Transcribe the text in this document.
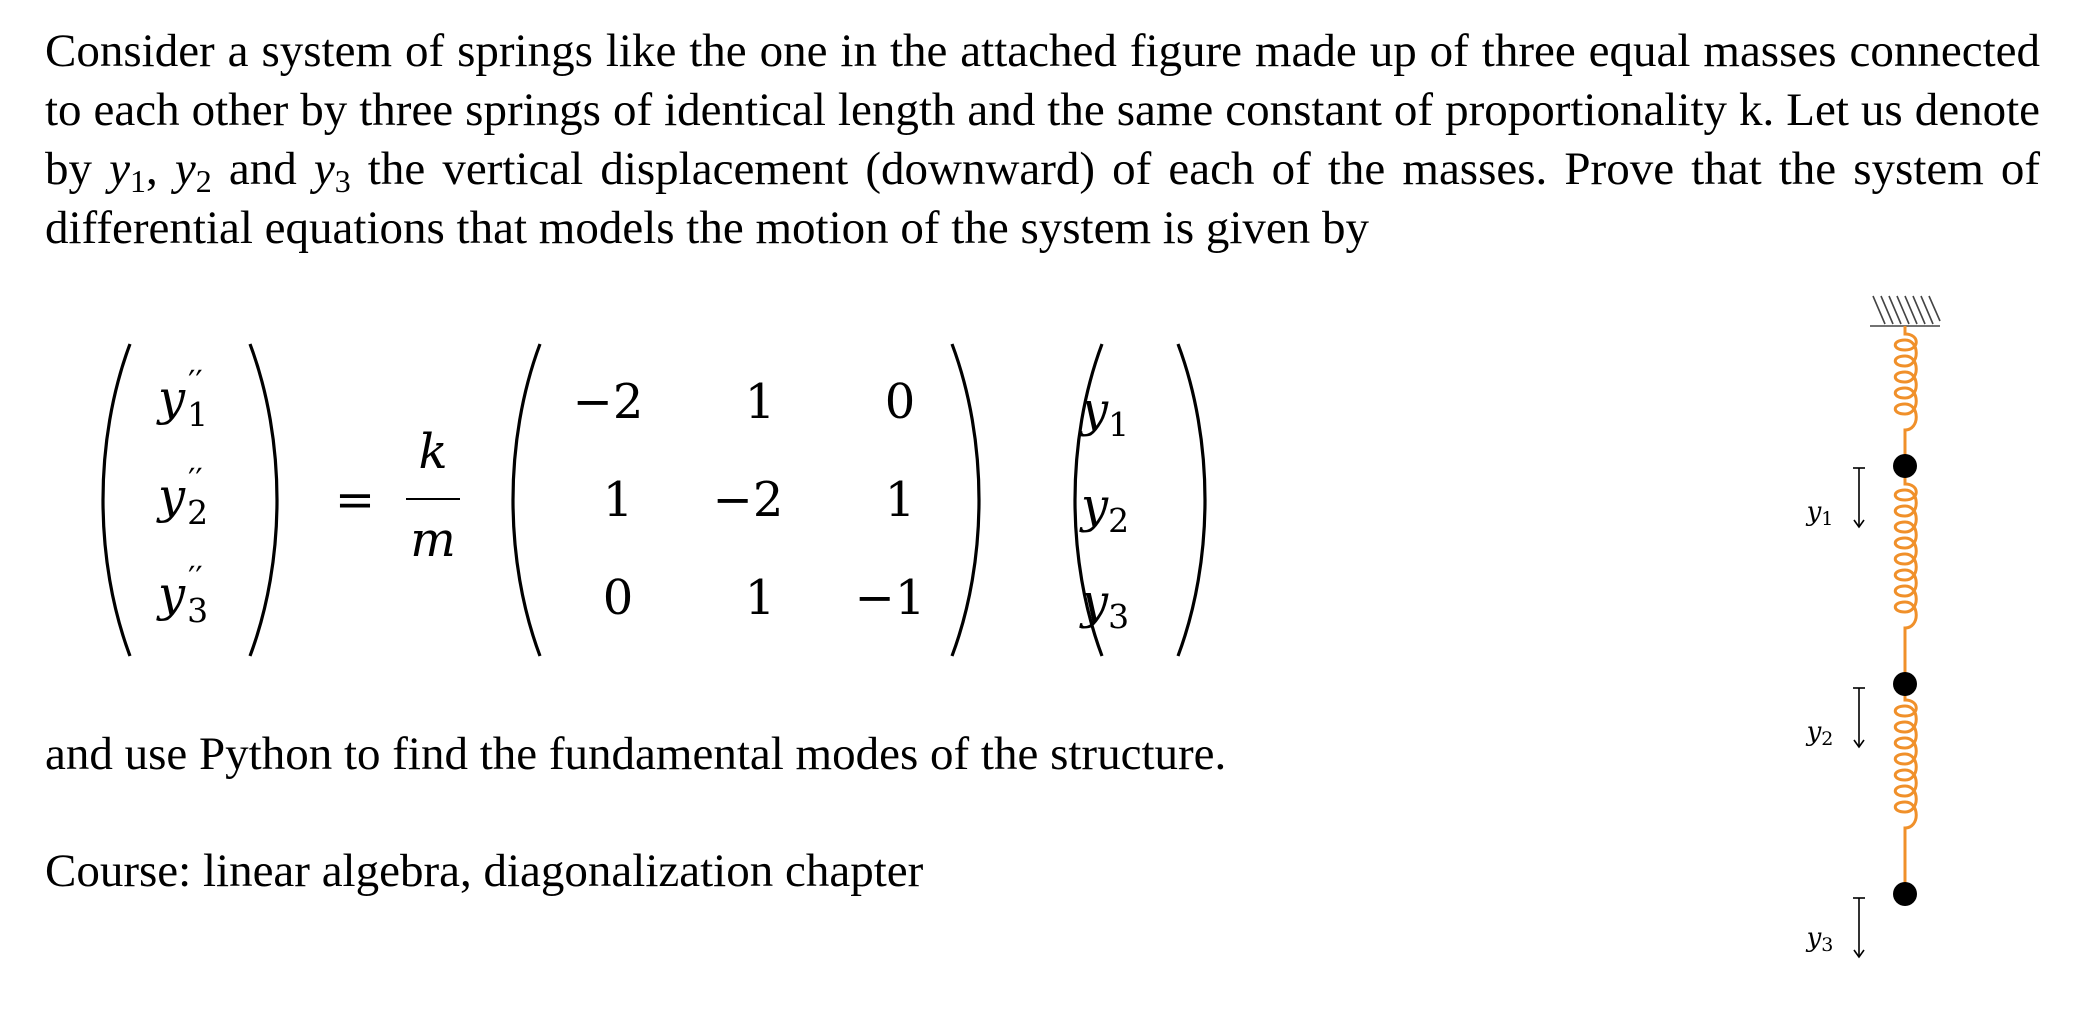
Consider a system of springs like the one in the attached figure made up of three equal masses connected to each other by three springs of identical length and the same constant of proportionality k. Let us denote by $y_1$, $y_2$ and $y_3$ the vertical displacement (downward) of each of the masses. Prove that the system of differential equations that models the motion of the system is given by
y ′′
1
y ′′
2
y ′′
3
=
k
m
−2 1 0
1 −2 1
0 1 −1
$y_1$
$y_2$
$y_3$
and use Python to find the fundamental modes of the structure.
Course: linear algebra, diagonalization chapter
$y_1$
$y_2$
$y_3$
